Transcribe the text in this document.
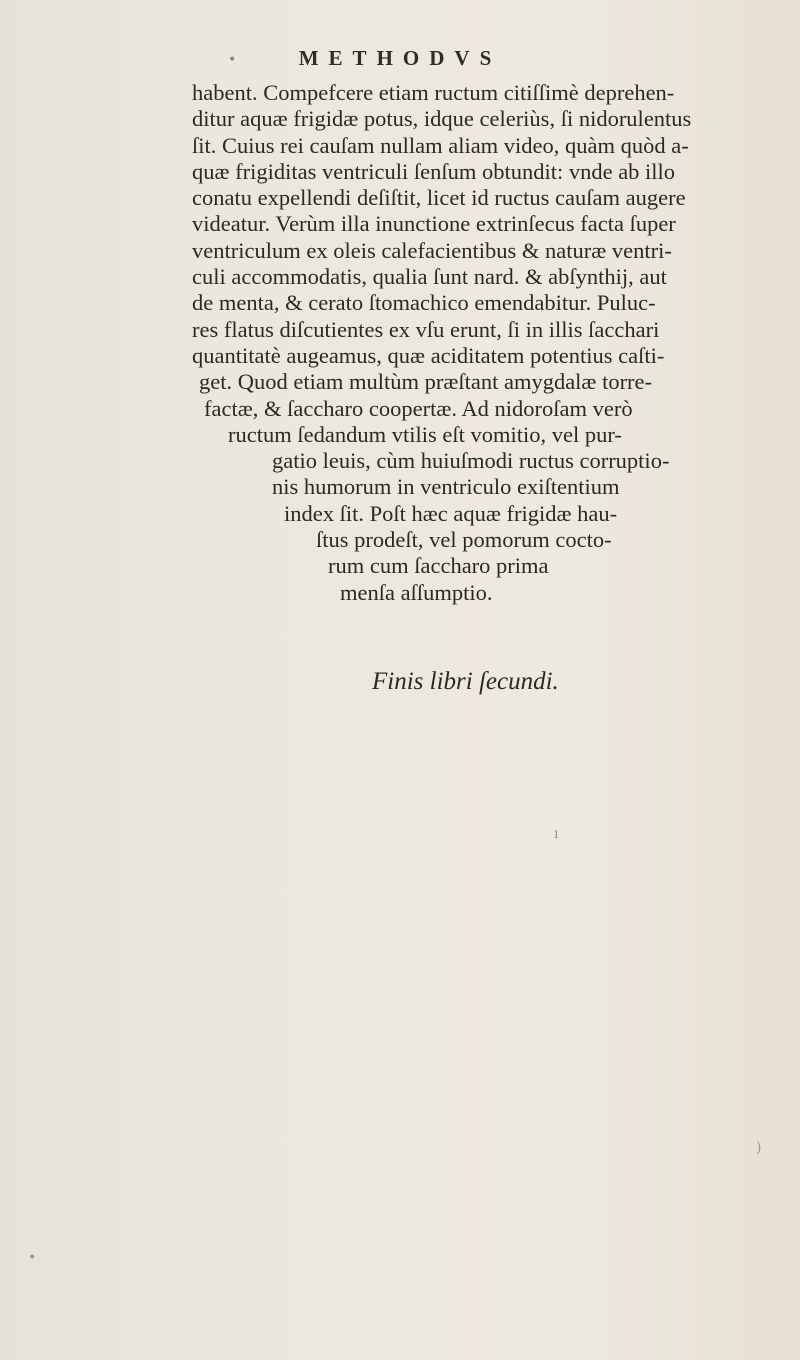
•	METHODVS
habent. Compefcere etiam ructum citiſſimè deprehen-
ditur aquæ frigidæ potus, idque celeriùs, ſi nidorulentus
ſit. Cuius rei cauſam nullam aliam video, quàm quòd a-
quæ frigiditas ventriculi ſenſum obtundit: vnde ab illo
conatu expellendi deſiſtit, licet id ructus cauſam augere
videatur. Verùm illa inunctione extrinſecus facta ſuper
ventriculum ex oleis calefacientibus & naturæ ventri-
culi accommodatis, qualia ſunt nard. & abſynthij, aut
de menta, & cerato ſtomachico emendabitur. Puluc-
res flatus diſcutientes ex vſu erunt, ſi in illis ſacchari
quantitatè augeamus, quæ aciditatem potentius caſti-
get. Quod etiam multùm præſtant amygdalæ torre-
factæ, & ſaccharo coopertæ. Ad nidoroſam verò
ructum ſedandum vtilis eſt vomitio, vel pur-
gatio leuis, cùm huiuſmodi ructus corruptio-
nis humorum in ventriculo exiſtentium
index ſit. Poſt hæc aquæ frigidæ hau-
ſtus prodeſt, vel pomorum cocto-
rum cum ſaccharo prima
menſa aſſumptio.
Finis libri ſecundi.
ı
)
•
